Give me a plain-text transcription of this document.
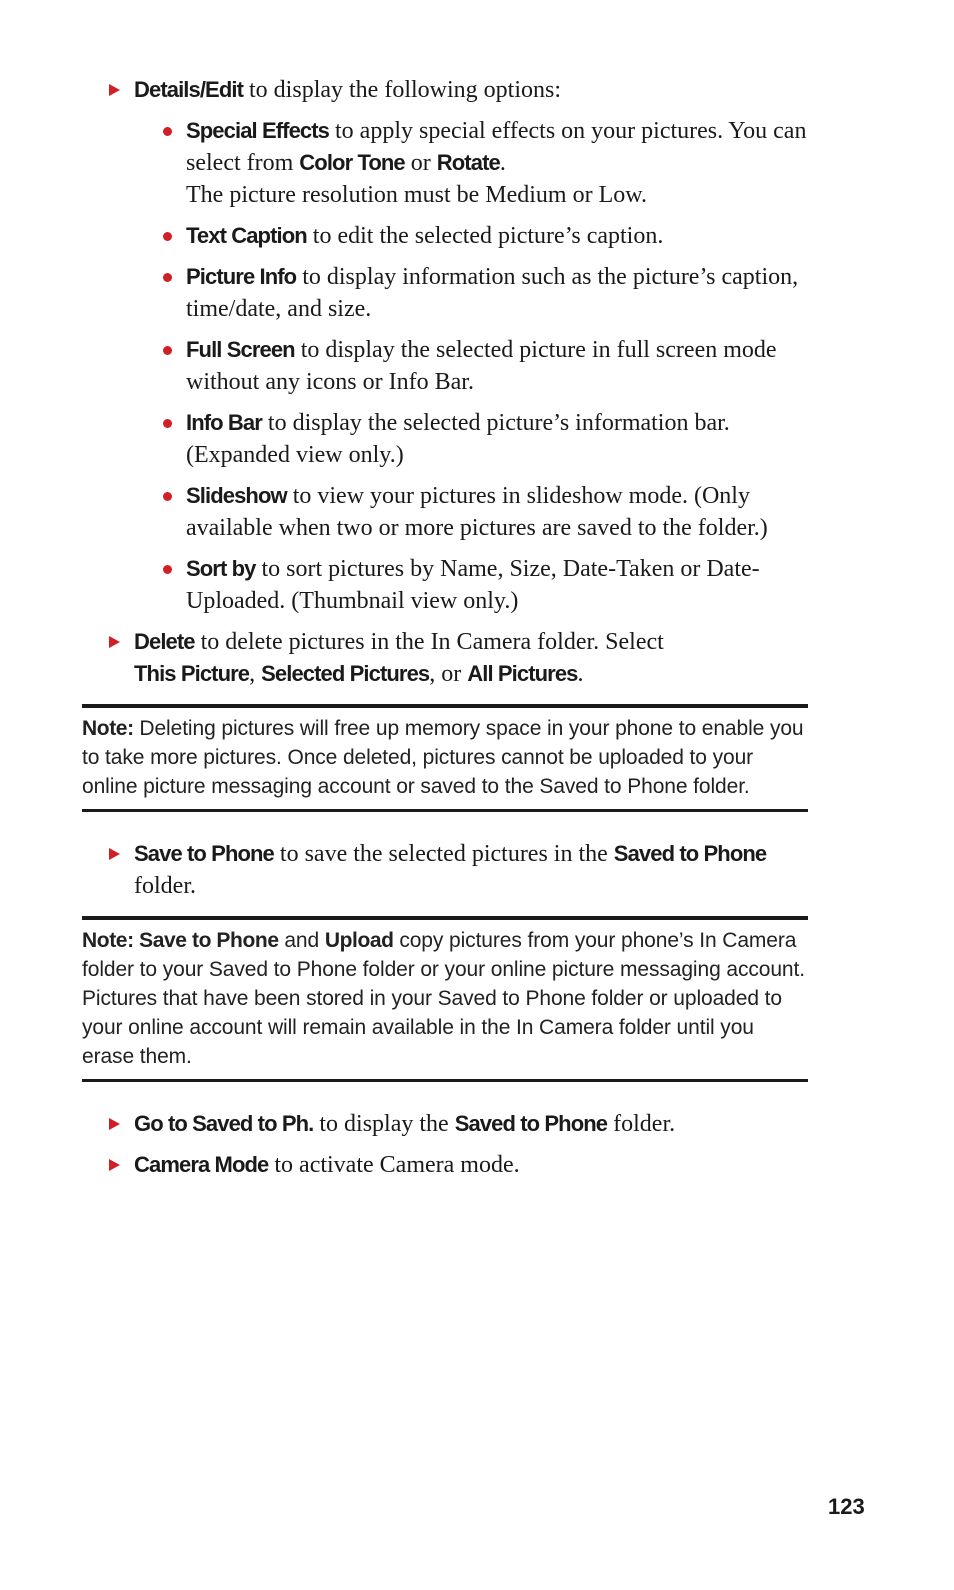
Details/Edit to display the following options:
Special Effects to apply special effects on your pictures. You can select from Color Tone or Rotate.
The picture resolution must be Medium or Low.
Text Caption to edit the selected picture’s caption.
Picture Info to display information such as the picture’s caption, time/date, and size.
Full Screen to display the selected picture in full screen mode without any icons or Info Bar.
Info Bar to display the selected picture’s information bar. (Expanded view only.)
Slideshow to view your pictures in slideshow mode. (Only available when two or more pictures are saved to the folder.)
Sort by to sort pictures by Name, Size, Date-Taken or Date-Uploaded. (Thumbnail view only.)
Delete to delete pictures in the In Camera folder. Select
This Picture, Selected Pictures, or All Pictures.
Note: Deleting pictures will free up memory space in your phone to enable you to take more pictures. Once deleted, pictures cannot be uploaded to your online picture messaging account or saved to the Saved to Phone folder.
Save to Phone to save the selected pictures in the Saved to Phone folder.
Note: Save to Phone and Upload copy pictures from your phone’s In Camera folder to your Saved to Phone folder or your online picture messaging account. Pictures that have been stored in your Saved to Phone folder or uploaded to your online account will remain available in the In Camera folder until you erase them.
Go to Saved to Ph. to display the Saved to Phone folder.
Camera Mode to activate Camera mode.
123
